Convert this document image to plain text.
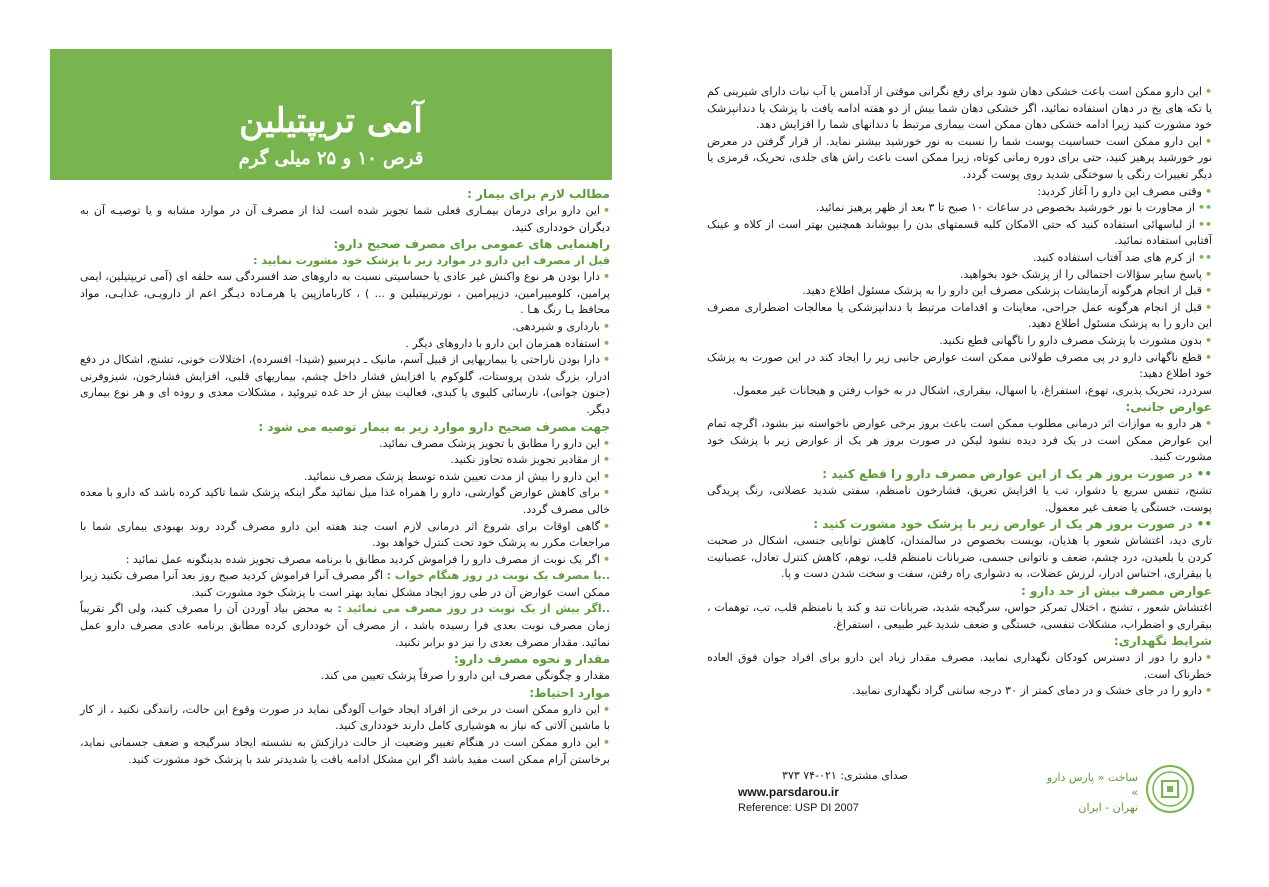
آمی تریپتیلین
قرص ۱۰ و ۲۵ میلی گرم
مطالب لازم برای بیمار :

•این دارو برای درمان بیمـاری فعلی شما تجویز شده است لذا از مصرف آن در موارد مشابه و یا توصیـه آن به دیگران خودداری کنید.

راهنمایی های عمومی برای مصرف صحیح دارو:
قبل از مصرف این دارو در موارد زیر با پزشک خود مشورت نمایید :

•دارا بودن هر نوع واکنش غیر عادی یا حساسیتی نسبت به داروهای ضد افسردگی سه حلقه ای (آمی تریپتیلین، ایمی پرامین، کلومیپرامین، دزیپرامین ، نورتریپتیلین و ... ) ، کاربامازپین یا هرمـاده دیـگر اعم از دارویـی، غذایـی، مواد محافظ یـا رنگ هـا .

•بارداری و شیردهی.

•استفاده همزمان این دارو با داروهای دیگر .

•دارا بودن ناراحتی یا بیماریهایی از قبیل آسم، مانیک ـ دپرسیو (شیدا- افسرده)، اختلالات خونی، تشنج، اشکال در دفع ادرار، بزرگ شدن پروستات، گلوکوم یا افزایش فشار داخل چشم، بیماریهای قلبی، افزایش فشارخون، شیزوفرنی (جنون جوانی)، نارسائی کلیوی یا کبدی، فعالیت بیش از حد غده تیروئید ، مشکلات معدی و روده ای و هر نوع بیماری دیگر.

جهت مصرف صحیح دارو موارد زیر به بیمار توصیه می شود :

•این دارو را مطابق با تجویز پزشک مصرف نمائید.

•از مقادیر تجویز شده تجاوز نکنید.

•این دارو را بیش از مدت تعیین شده توسط پزشک مصرف ننمائید.

•برای کاهش عوارض گوارشی، دارو را همراه غذا میل نمائید مگر اینکه پزشک شما تاکید کرده باشد که دارو با معده خالی مصرف گردد.

•گاهی اوقات برای شروع اثر درمانی لازم است چند هفته این دارو مصرف گردد روند بهبودی بیماری شما با مراجعات مکرر به پزشک خود تحت کنترل خواهد بود.

•اگر یک نوبت از مصرف دارو را فراموش کردید مطابق با برنامه مصرف تجویز شده بدینگونه عمل نمائید :

..با مصرف یک نوبت در روز هنگام خواب : اگر مصرف آنرا فراموش کردید صبح روز بعد آنرا مصرف نکنید زیرا ممکن است عوارض آن در طی روز ایجاد مشکل نماید بهتر است با پزشک خود مشورت کنید.

..اگر بیش از یک نوبت در روز مصرف می نمائید : به محض بیاد آوردن آن را مصرف کنید، ولی اگر تقریباً زمان مصرف نوبت بعدی فرا رسیده باشد ، از مصرف آن خودداری کرده مطابق برنامه عادی مصرف دارو عمل نمائید. مقدار مصرف بعدی را نیز دو برابر نکنید.

مقدار و نحوه مصرف دارو:

مقدار و چگونگی مصرف این دارو را صرفاً پزشک تعیین می کند.

موارد احتیاط:

•این دارو ممکن است در برخی از افراد ایجاد خواب آلودگی نماید در صورت وقوع این حالت، رانندگی نکنید ، از کار با ماشین آلاتی که نیاز به هوشیاری کامل دارند خودداری کنید.

•این دارو ممکن است در هنگام تغییر وضعیت از حالت درازکش به نشسته ایجاد سرگیجه و ضعف جسمانی نماید، برخاستن آرام ممکن است مفید باشد اگر این مشکل ادامه یافت یا شدیدتر شد با پزشک خود مشورت کنید.

•این دارو ممکن است باعث خشکی دهان شود برای رفع نگرانی موقتی از آدامس یا آب نبات دارای شیرینی کم یا تکه های یخ در دهان استفاده نمائید، اگر خشکی دهان شما بیش از دو هفته ادامه یافت با پزشک یا دندانپزشک خود مشورت کنید زیرا ادامه خشکی دهان ممکن است بیماری مرتبط با دندانهای شما را افزایش دهد.

•این دارو ممکن است حساسیت پوست شما را نسبت به نور خورشید بیشتر نماید. از قرار گرفتن در معرض نور خورشید پرهیز کنید، حتی برای دوره زمانی کوتاه، زیرا ممکن است باعث راش های جلدی، تحریک، قرمزی یا دیگر تغییرات رنگی یا سوختگی شدید روی پوست گردد.

•وقتی مصرف این دارو را آغاز کردید:

••از مجاورت با نور خورشید بخصوص در ساعات ۱۰ صبح تا ۳ بعد از ظهر پرهیز نمائید.

••از لباسهائی استفاده کنید که حتی الامکان کلیه قسمتهای بدن را بپوشاند همچنین بهتر است از کلاه و عینک آفتابی استفاده نمائید.

••از کرم های ضد آفتاب استفاده کنید.

•پاسخ سایر سؤالات احتمالی را از پزشک خود بخواهید.

•قبل از انجام هرگونه آزمایشات پزشکی مصرف این دارو را به پزشک مسئول اطلاع دهید.

•قبل از انجام هرگونه عمل جراحی، معاینات و اقدامات مرتبط با دندانپزشکی یا معالجات اضطراری مصرف این دارو را به پزشک مسئول اطلاع دهید.

•بدون مشورت با پزشک مصرف دارو را ناگهانی قطع نکنید.

•قطع ناگهانی دارو در پی مصرف طولانی ممکن است عوارض جانبی زیر را ایجاد کند در این صورت به پزشک خود اطلاع دهید:

سردرد، تحریک پذیری، تهوع، استفراغ، یا اسهال، بیقراری، اشکال در به خواب رفتن و هیجانات غیر معمول.

عوارض جانبی:

•هر دارو به موازات اثر درمانی مطلوب ممکن است باعث بروز برخی عوارض ناخواسته نیز بشود، اگرچه تمام این عوارض ممکن است در یک فرد دیده نشود لیکن در صورت بروز هر یک از عوارض زیر با پزشک خود مشورت کنید.

•• در صورت بروز هر یک از این عوارض مصرف دارو را قطع کنید :

تشنج، تنفس سریع یا دشوار، تب یا افزایش تعریق، فشارخون نامنظم، سفتی شدید عضلانی، رنگ پریدگی پوست، خستگی یا ضعف غیر معمول.

•• در صورت بروز هر یک از عوارض زیر با پزشک خود مشورت کنید :

تاری دید، اغتشاش شعور یا هذیان، بویست بخصوص در سالمندان، کاهش توانایی جنسی، اشکال در صحبت کردن یا بلعیدن، درد چشم، ضعف و ناتوانی جسمی، ضربانات نامنظم قلب، توهم، کاهش کنترل تعادل، عصبانیت یا بیقراری، احتباس ادرار، لرزش عضلات، به دشواری راه رفتن، سفت و سخت شدن دست و پا.

عوارض مصرف بیش از حد دارو :

اغتشاش شعور ، تشنج ، اختلال تمرکز حواس، سرگیجه شدید، ضربانات تند و کند یا نامنظم قلب، تب، توهمات ، بیقراری و اضطراب، مشکلات تنفسی، خستگی و ضعف شدید غیر طبیعی ، استفراغ.

شرایط نگهداری:

•دارو را دور از دسترس کودکان نگهداری نمایید. مصرف مقدار زیاد این دارو برای افراد جوان فوق العاده خطرناک است.

•دارو را در جای خشک و در دمای کمتر از ۳۰ درجه سانتی گراد نگهداری نمایید.

صدای مشتری: ۰۲۱-۷۴ ۳۷۳
www.parsdarou.ir
Reference: USP DI 2007
ساخت « پارس دارو »
تهران - ایران
